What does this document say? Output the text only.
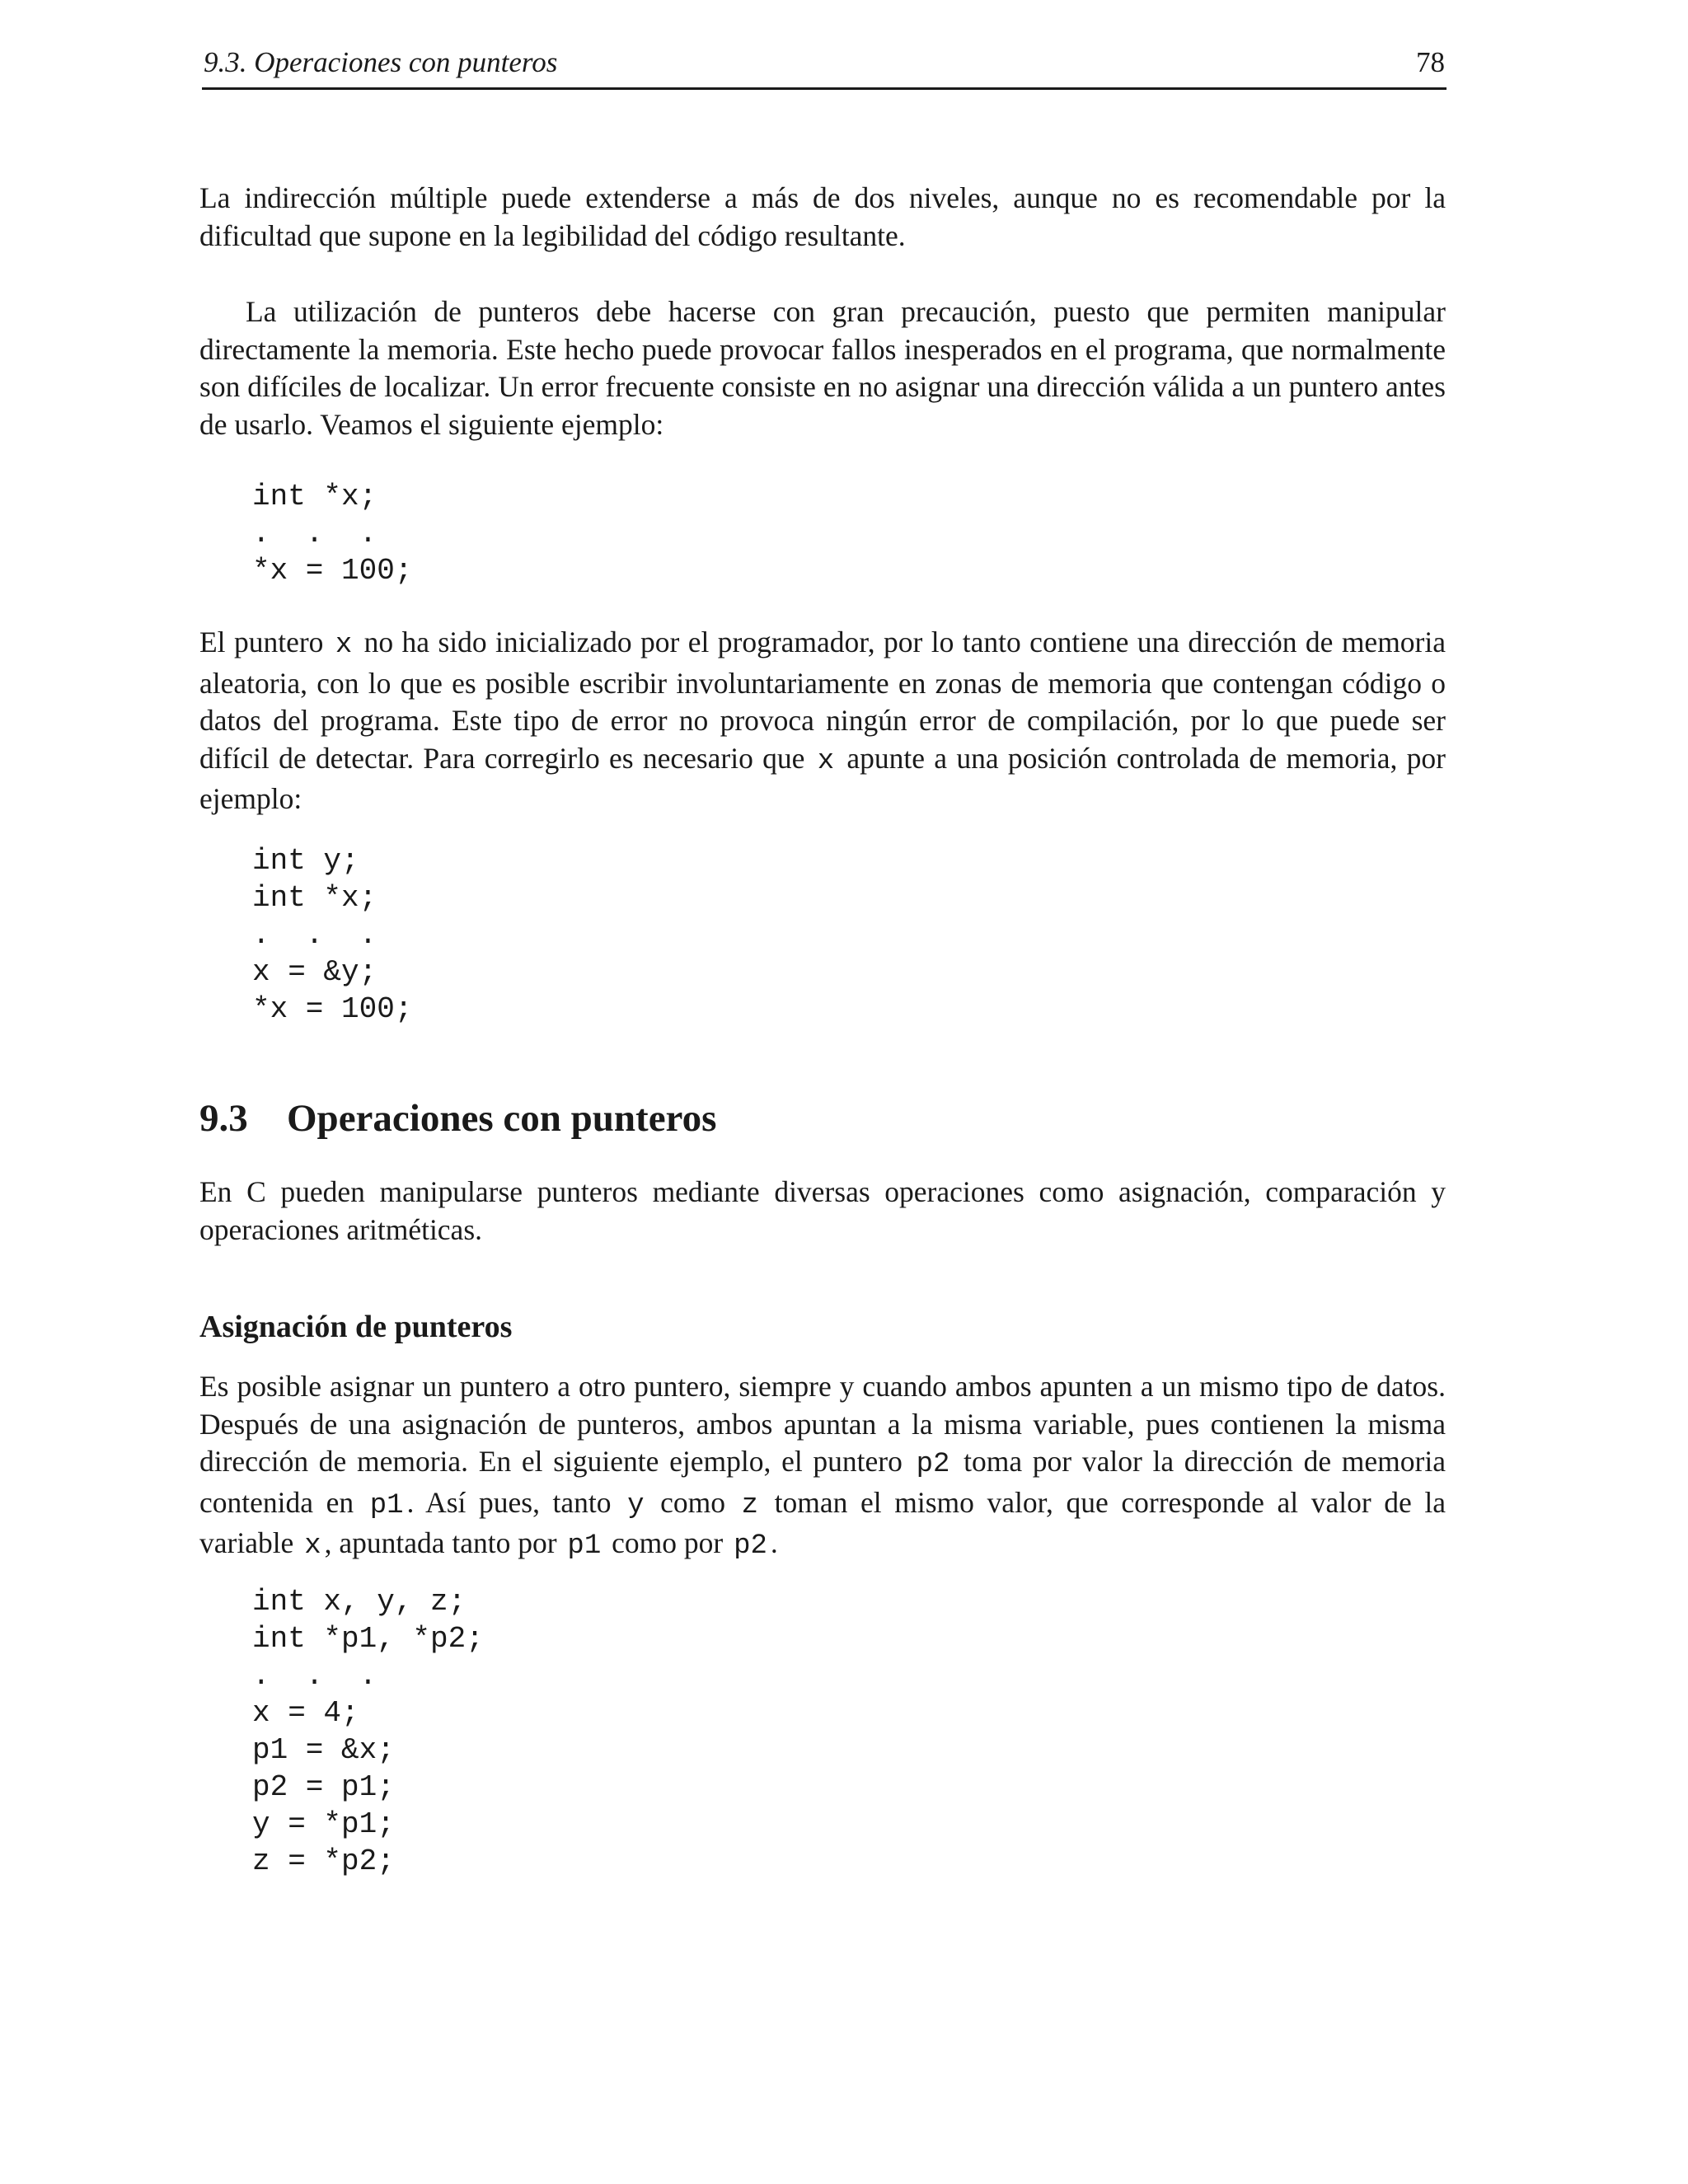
9.3. Operaciones con punteros	78

La indirección múltiple puede extenderse a más de dos niveles, aunque no es recomendable por la dificultad que supone en la legibilidad del código resultante.

La utilización de punteros debe hacerse con gran precaución, puesto que permiten manipular directamente la memoria. Este hecho puede provocar fallos inesperados en el programa, que normalmente son difíciles de localizar. Un error frecuente consiste en no asignar una dirección válida a un puntero antes de usarlo. Veamos el siguiente ejemplo:

int *x;
.  .  .
*x = 100;

El puntero x no ha sido inicializado por el programador, por lo tanto contiene una dirección de memoria aleatoria, con lo que es posible escribir involuntariamente en zonas de memoria que contengan código o datos del programa. Este tipo de error no provoca ningún error de compilación, por lo que puede ser difícil de detectar. Para corregirlo es necesario que x apunte a una posición controlada de memoria, por ejemplo:

int y;
int *x;
.  .  .
x = &y;
*x = 100;
9.3 Operaciones con punteros

En C pueden manipularse punteros mediante diversas operaciones como asignación, comparación y operaciones aritméticas.

Asignación de punteros

Es posible asignar un puntero a otro puntero, siempre y cuando ambos apunten a un mismo tipo de datos. Después de una asignación de punteros, ambos apuntan a la misma variable, pues contienen la misma dirección de memoria. En el siguiente ejemplo, el puntero p2 toma por valor la dirección de memoria contenida en p1 . Así pues, tanto y como z toman el mismo valor, que corresponde al valor de la variable x , apuntada tanto por p1 como por p2 .

int x, y, z;
int *p1, *p2;
.  .  .
x = 4;
p1 = &x;
p2 = p1;
y = *p1;
z = *p2;
